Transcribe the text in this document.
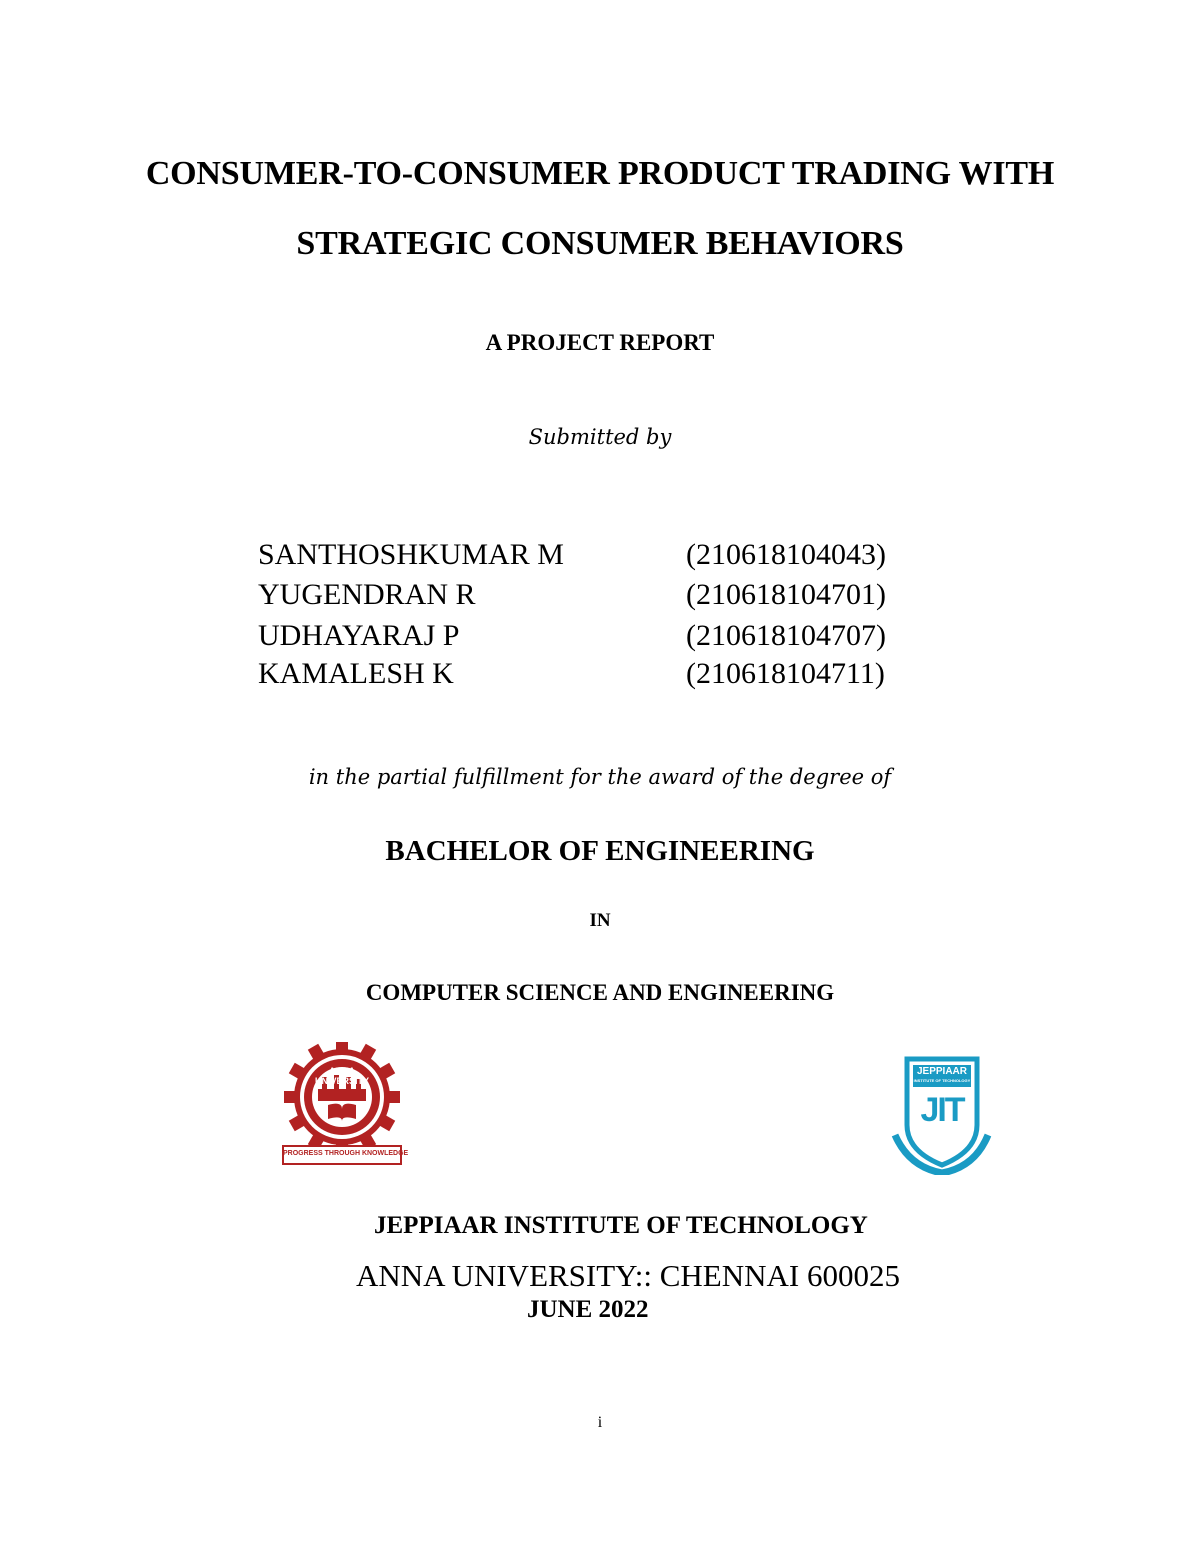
CONSUMER-TO-CONSUMER PRODUCT TRADING WITH
STRATEGIC CONSUMER BEHAVIORS
A PROJECT REPORT
Submitted by
SANTHOSHKUMAR M	(210618104043)
YUGENDRAN R	(210618104701)
UDHAYARAJ P	(210618104707)
KAMALESH K	(210618104711)
in the partial fulfillment for the award of the degree of
BACHELOR OF ENGINEERING
IN
COMPUTER SCIENCE AND ENGINEERING
ANNA UNIVERSITY
PROGRESS THROUGH KNOWLEDGE
JEPPIAAR
INSTITUTE OF TECHNOLOGY
JIT
JEPPIAAR INSTITUTE OF TECHNOLOGY
ANNA UNIVERSITY:: CHENNAI 600025
JUNE 2022
i
